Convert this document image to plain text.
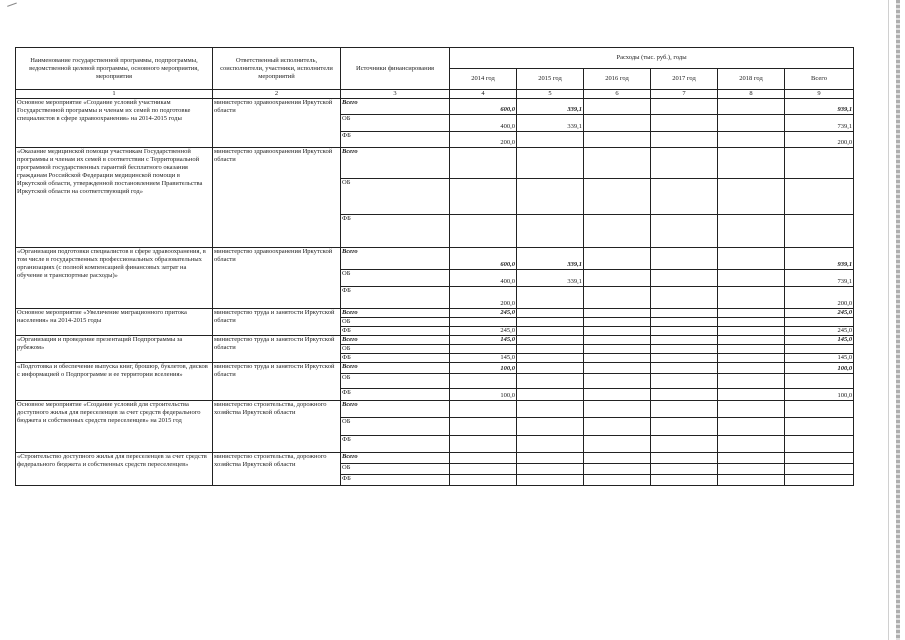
Наименование государственной программы, подпрограммы, ведомственной целевой программы, основного мероприятия, мероприятия	Ответственный исполнитель, соисполнители, участники, исполнители мероприятий	Источники финансирования	Расходы (тыс. руб.), годы					
			2014 год	2015 год	2016 год	2017 год	2018 год	Всего
1	2	3	4	5	6	7	8	9
Основное мероприятие «Создание условий участникам Государственной программы и членам их семей по подготовке специалистов в сфере здравоохранения» на 2014-2015 годы	министерство здравоохранения Иркутской области	Всего	600,0	339,1				939,1
		ОБ	400,0	339,1				739,1
		ФБ	200,0					200,0
«Оказание медицинской помощи участникам Государственной программы и членам их семей в соответствии с Территориальной программой государственных гарантий бесплатного оказания гражданам Российской Федерации медицинской помощи в Иркутской области, утвержденной постановлением Правительства Иркутской области на соответствующий год»	министерство здравоохранения Иркутской области	Всего						
		ОБ						
		ФБ						
«Организация подготовки специалистов в сфере здравоохранения, в том числе в государственных профессиональных образовательных организациях (с полной компенсацией финансовых затрат на обучение и транспортные расходы)»	министерство здравоохранения Иркутской области	Всего	600,0	339,1				939,1
		ОБ	400,0	339,1				739,1
		ФБ	200,0					200,0
Основное мероприятие «Увеличение миграционного притока населения» на 2014-2015 годы	министерство труда и занятости Иркутской области	Всего	245,0					245,0
		ОБ						
		ФБ	245,0					245,0
«Организация и проведение презентаций Подпрограммы за рубежом»	министерство труда и занятости Иркутской области	Всего	145,0					145,0
		ОБ						
		ФБ	145,0					145,0
«Подготовка и обеспечение выпуска книг, брошюр, буклетов, дисков с информацией о Подпрограмме и ее территории вселения»	министерство труда и занятости Иркутской области	Всего	100,0					100,0
		ОБ						
		ФБ	100,0					100,0
Основное мероприятие «Создание условий для строительства доступного жилья для переселенцев за счет средств федерального бюджета и собственных средств переселенцев» на 2015 год	министерство строительства, дорожного хозяйства Иркутской области	Всего						
		ОБ						
		ФБ						
«Строительство доступного жилья для переселенцев за счет средств федерального бюджета и собственных средств переселенцев»	министерство строительства, дорожного хозяйства Иркутской области	Всего						
		ОБ						
		ФБ						
